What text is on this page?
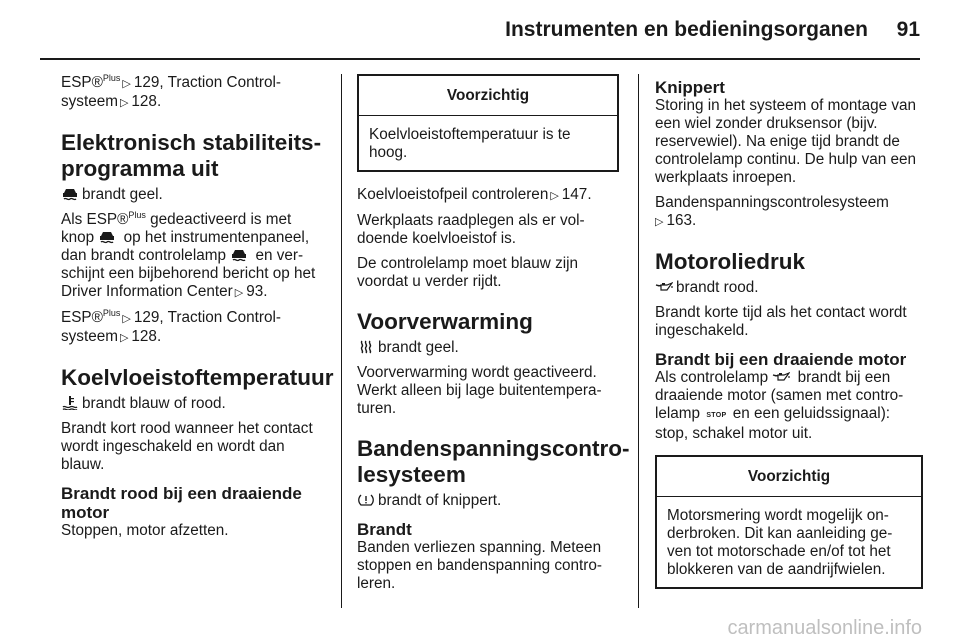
Instrumenten en bedieningsorganen 91

ESP®$^{Plus}$ ▷ 129, Traction Control-systeem ▷ 128.

Elektronisch stabiliteits-programma uit

brandt geel.

Als ESP®$^{Plus}$ gedeactiveerd is met knop
op het instrumentenpaneel, dan brandt controlelamp
en ver-schijnt een bijbehorend bericht op het Driver Information Center ▷ 93.

ESP®$^{Plus}$ ▷ 129, Traction Control-systeem ▷ 128.

Koelvloeistoftemperatuur

brandt blauw of rood.

Brandt kort rood wanneer het contact wordt ingeschakeld en wordt dan blauw.

Brandt rood bij een draaiende motor

Stoppen, motor afzetten.

Voorzichtig
Koelvloeistoftemperatuur is te hoog.

Koelvloeistofpeil controleren ▷ 147.

Werkplaats raadplegen als er vol-doende koelvloeistof is.

De controlelamp moet blauw zijn voordat u verder rijdt.

Voorverwarming

brandt geel.

Voorverwarming wordt geactiveerd. Werkt alleen bij lage buitentempera-turen.

Bandenspanningscontro-lesysteem

brandt of knippert.

Brandt

Banden verliezen spanning. Meteen stoppen en bandenspanning contro-leren.

Knippert

Storing in het systeem of montage van een wiel zonder druksensor (bijv. reservewiel). Na enige tijd brandt de controlelamp continu. De hulp van een werkplaats inroepen.

Bandenspanningscontrolesysteem
▷ 163.

Motoroliedruk

brandt rood.

Brandt korte tijd als het contact wordt ingeschakeld.

Brandt bij een draaiende motor

Als controlelamp
brandt bij een draaiende motor (samen met contro-lelamp STOP en een geluidssignaal): stop, schakel motor uit.

Voorzichtig
Motorsmering wordt mogelijk on-derbroken. Dit kan aanleiding ge-ven tot motorschade en/of tot het blokkeren van de aandrijfwielen.
carmanualsonline.info
